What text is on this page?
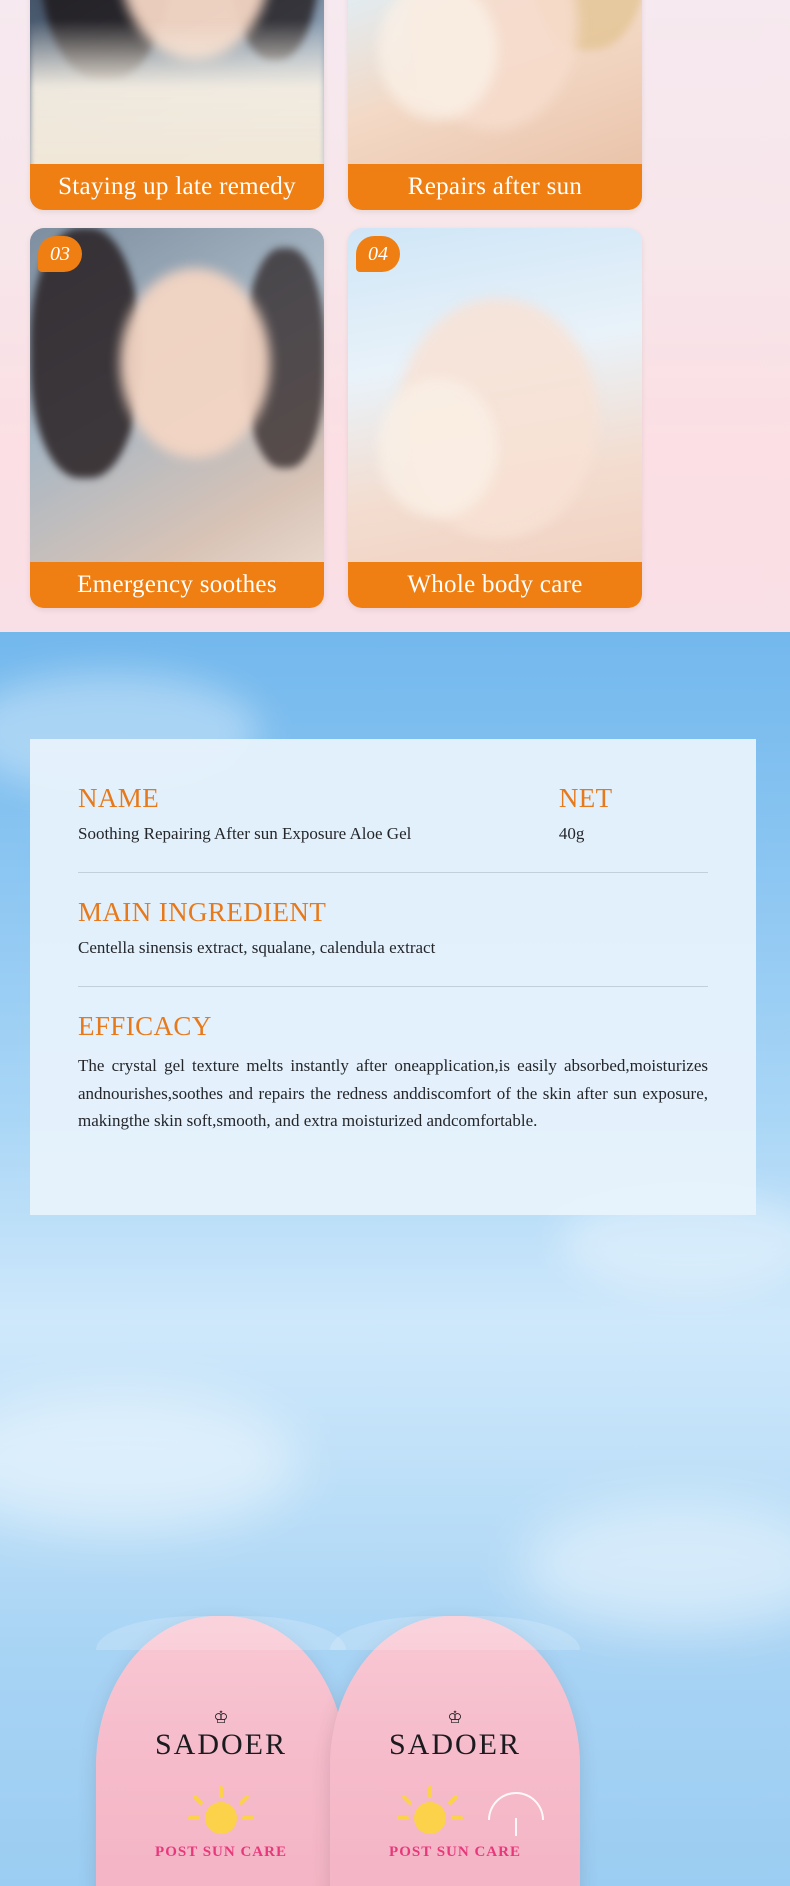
Staying up late remedy	Repairs after sun
03
Emergency soothes
04
Whole body care
NAME
Soothing Repairing After sun Exposure Aloe Gel
NET
40g
MAIN INGREDIENT
Centella sinensis extract, squalane, calendula extract
EFFICACY
The crystal gel texture melts instantly after oneapplication,is easily absorbed,moisturizes andnourishes,soothes and repairs the redness anddiscomfort of the skin after sun exposure, makingthe skin soft,smooth, and extra moisturized andcomfortable.
♔
SADOER
POST SUN CARE
♔
SADOER
POST SUN CARE
